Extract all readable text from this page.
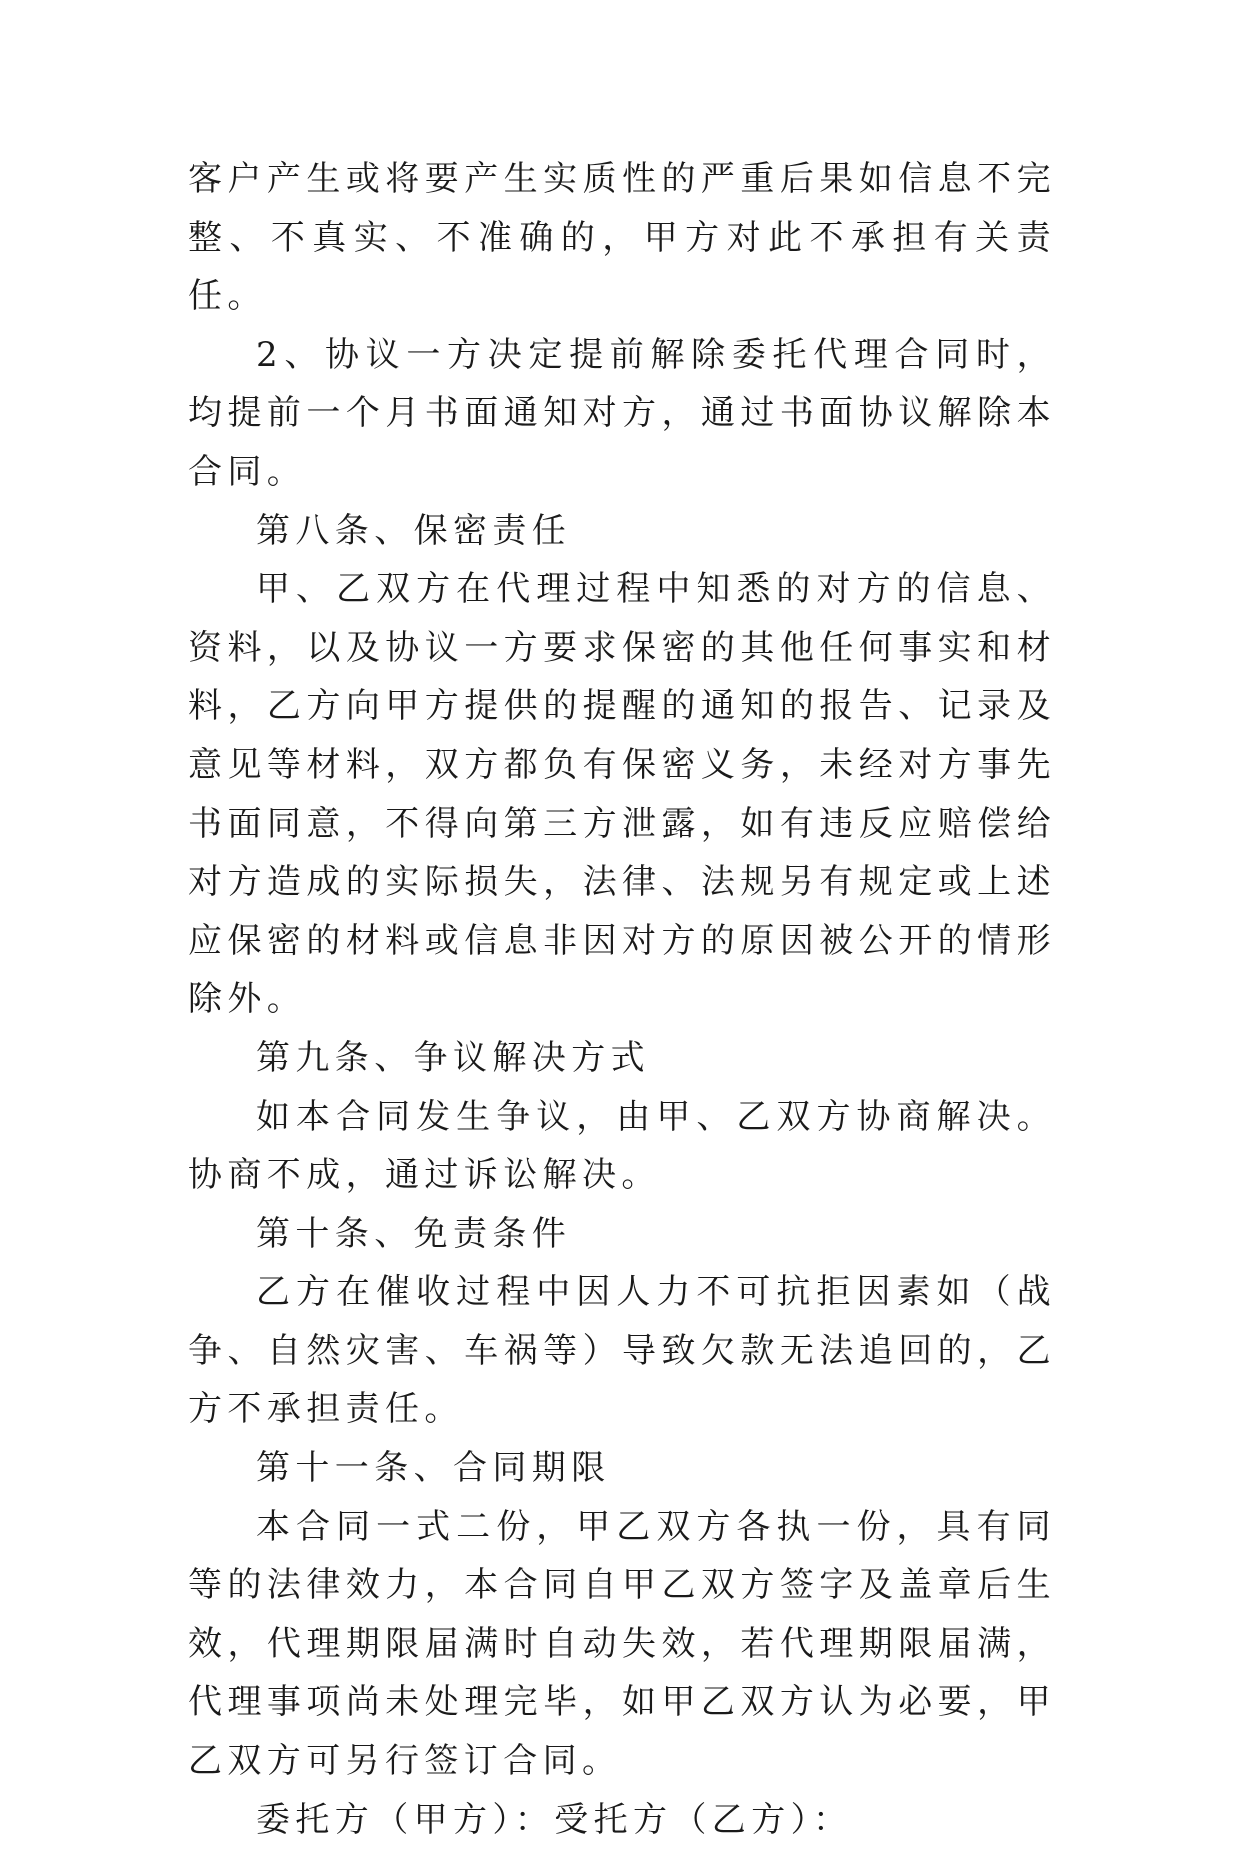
客户产生或将要产生实质性的严重后果如信息不完整、不真实、不准确的，甲方对此不承担有关责任。

2、协议一方决定提前解除委托代理合同时，均提前一个月书面通知对方，通过书面协议解除本合同。

第八条、保密责任

甲、乙双方在代理过程中知悉的对方的信息、资料，以及协议一方要求保密的其他任何事实和材料，乙方向甲方提供的提醒的通知的报告、记录及意见等材料，双方都负有保密义务，未经对方事先书面同意，不得向第三方泄露，如有违反应赔偿给对方造成的实际损失，法律、法规另有规定或上述应保密的材料或信息非因对方的原因被公开的情形除外。

第九条、争议解决方式

如本合同发生争议，由甲、乙双方协商解决。协商不成，通过诉讼解决。

第十条、免责条件

乙方在催收过程中因人力不可抗拒因素如（战争、自然灾害、车祸等）导致欠款无法追回的，乙方不承担责任。

第十一条、合同期限

本合同一式二份，甲乙双方各执一份，具有同等的法律效力，本合同自甲乙双方签字及盖章后生效，代理期限届满时自动失效，若代理期限届满，代理事项尚未处理完毕，如甲乙双方认为必要，甲乙双方可另行签订合同。

委托方（甲方）：受托方（乙方）：
